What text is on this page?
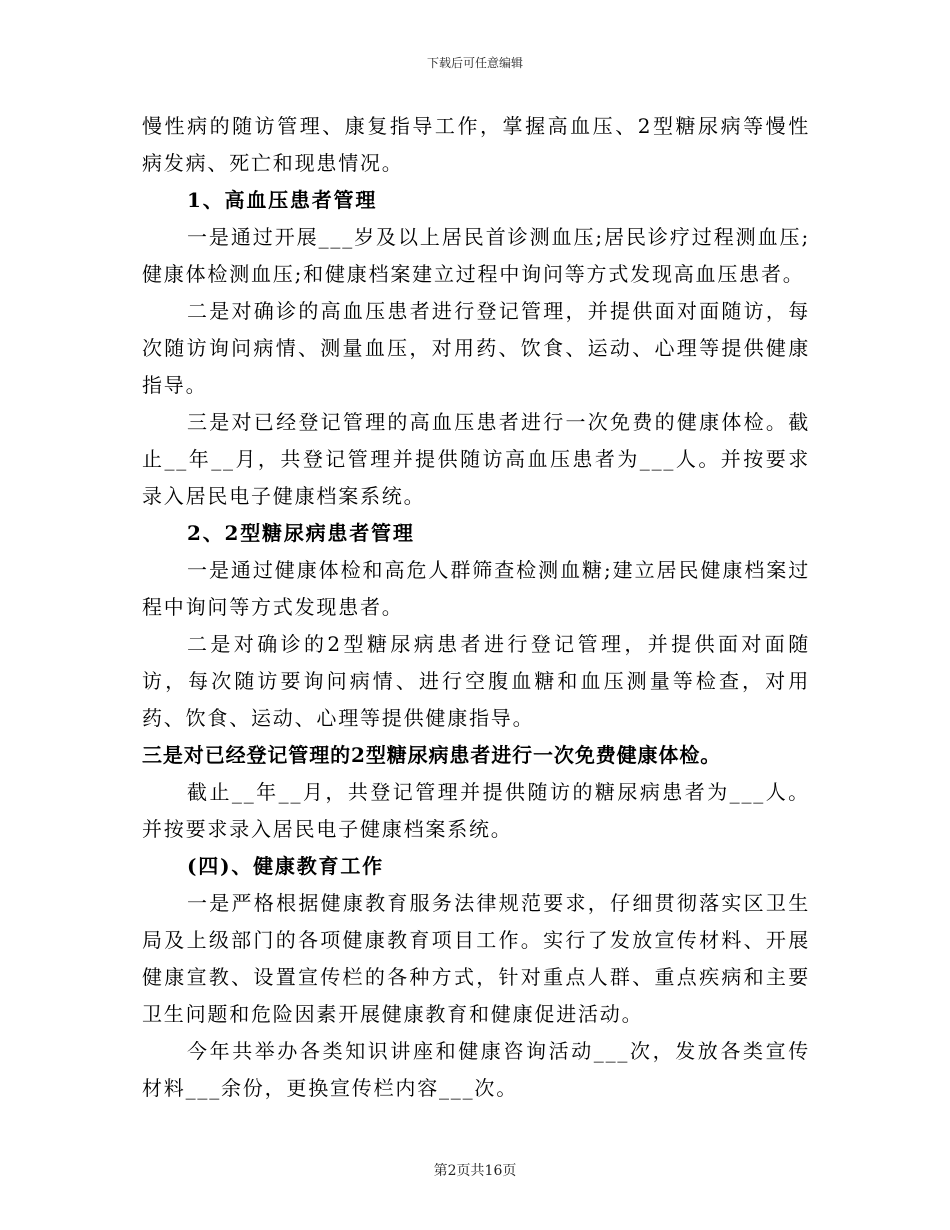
下载后可任意编辑

慢性病的随访管理、康复指导工作，掌握高血压、2型糖尿病等慢性病发病、死亡和现患情况。

1、高血压患者管理

一是通过开展___岁及以上居民首诊测血压;居民诊疗过程测血压;健康体检测血压;和健康档案建立过程中询问等方式发现高血压患者。

二是对确诊的高血压患者进行登记管理，并提供面对面随访，每次随访询问病情、测量血压，对用药、饮食、运动、心理等提供健康指导。

三是对已经登记管理的高血压患者进行一次免费的健康体检。截止__年__月，共登记管理并提供随访高血压患者为___人。并按要求录入居民电子健康档案系统。

2、2型糖尿病患者管理

一是通过健康体检和高危人群筛查检测血糖;建立居民健康档案过程中询问等方式发现患者。

二是对确诊的2型糖尿病患者进行登记管理，并提供面对面随访，每次随访要询问病情、进行空腹血糖和血压测量等检查，对用药、饮食、运动、心理等提供健康指导。

三是对已经登记管理的2型糖尿病患者进行一次免费健康体检。

截止__年__月，共登记管理并提供随访的糖尿病患者为___人。并按要求录入居民电子健康档案系统。

(四)、健康教育工作

一是严格根据健康教育服务法律规范要求，仔细贯彻落实区卫生局及上级部门的各项健康教育项目工作。实行了发放宣传材料、开展健康宣教、设置宣传栏的各种方式，针对重点人群、重点疾病和主要卫生问题和危险因素开展健康教育和健康促进活动。

今年共举办各类知识讲座和健康咨询活动___次，发放各类宣传材料___余份，更换宣传栏内容___次。

第2页共16页
